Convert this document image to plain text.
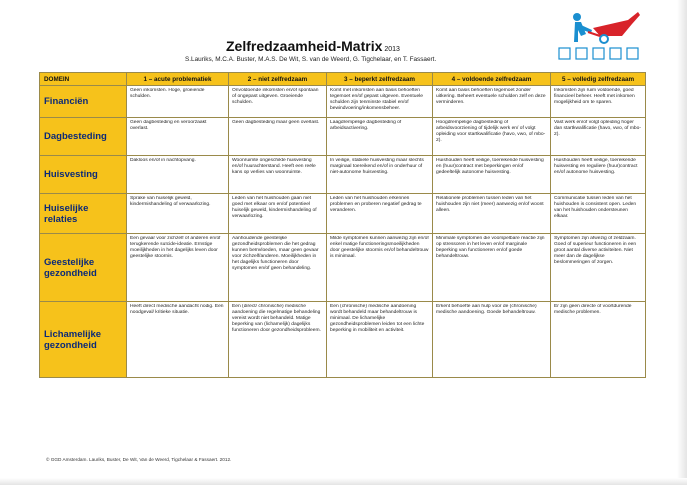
Zelfredzaamheid-Matrix 2013
S.Lauriks, M.C.A. Buster, M.A.S. De Wit, S. van de Weerd, G. Tigchelaar, en T. Fassaert.
DOMEIN	1 – acute problematiek	2 – niet zelfredzaam	3 – beperkt zelfredzaam	4 – voldoende zelfredzaam	5 – volledig zelfredzaam
Financiën	Geen inkomsten. Hoge, groeiende schulden.	Onvoldoende inkomsten en/of spontaan of ongepast uitgeven. Groeiende schulden.	Komt met inkomsten aan basis behoeften tegemoet en/of gepast uitgeven. Eventuele schulden zijn tenminste stabiel en/of bewindvoering/inkomensbeheer.	Komt aan basis behoeften tegemoet zonder uitkering. Beheert eventuele schulden zelf en deze verminderen.	Inkomsten zijn ruim voldoende, goed financieel beheer. Heeft met inkomen mogelijkheid om te sparen.

Dagbesteding	Geen dagbesteding en veroorzaakt overlast.	Geen dagbesteding maar geen overlast.	Laagdrempelige dagbesteding of arbeidsactivering.	Hoogdrempelige dagbesteding of arbeidsvoorziening of tijdelijk werk en/ of volgt opleiding voor startkwalificatie (havo, vwo, of mbo-2).	Vast werk en/of volgt opleiding hoger dan startkwalificatie (havo, vwo, of mbo-2).

Huisvesting	Dakloos en/of in nachtopvang.	Woonruimte ongeschikte huisvesting en/of huurachterstand. Heeft een reële kans op verlies van woonruimte.	In veilige, stabiele huisvesting maar slechts marginaal toereikend en/of in onderhuur of niet-autonome huisvesting.	Huishouden heeft veilige, toereikende huisvesting en (huur)contract met beperkingen en/of gedeeltelijk autonome huisvesting.	Huishouden heeft veilige, toereikende huisvesting en reguliere (huur)contract en/of autonome huisvesting.

Huiselijke relaties	Sprake van huiselijk geweld, kindermishandeling of verwaarlozing.	Leden van het huishouden gaan niet goed met elkaar om en/of potentieel huiselijk geweld, kindermishandeling of verwaarlozing.	Leden van het huishouden erkennen problemen en proberen negatief gedrag te veranderen.	Relationele problemen tussen leden van het huishouden zijn niet (meer) aanwezig en/of woont alleen.	Communicatie tussen leden van het huishouden is consistent open. Leden van het huishouden ondersteunen elkaar.

Geestelijke gezondheid	Een gevaar voor zichzelf of anderen en/of terugkerende suïcide-ideatie. Ernstige moeilijkheden in het dagelijks leven door geestelijke stoornis.	Aanhoudende geestelijke gezondheidsproblemen die het gedrag kunnen beïnvloeden, maar geen gevaar voor zichzelf/anderen. Moeilijkheden in het dagelijks functioneren door symptomen en/of geen behandeling.	Milde symptomen kunnen aanwezig zijn en/of enkel matige functioneringsmoeilijkheden door geestelijke stoornis en/of behandeltrouw is minimaal.	Minimale symptomen die voorspelbare reactie zijn op stressoren in het leven en/of marginale beperking van functioneren en/of goede behandeltrouw.	Symptomen zijn afwezig of zeldzaam. Goed of superieur functioneren in een groot aantal diverse activiteiten. Niet meer dan de dagelijkse beslommeringen of zorgen.

Lichamelijke gezondheid	Heeft direct medische aandacht nodig. Een noodgeval/ kritieke situatie.	Een (direct/ chronische) medische aandoening die regelmatige behandeling vereist wordt niet behandeld. Matige beperking van (lichamelijk) dagelijks functioneren door gezondheidsprobleem.	Een (chronische) medische aandoening wordt behandeld maar behandeltrouw is minimaal. De lichamelijke gezondheidsproblemen leiden tot een lichte beperking in mobiliteit en activiteit.	Erkent behoefte aan hulp voor de (chronische) medische aandoening. Goede behandeltrouw.	Er zijn geen directe of voortdurende medische problemen.
© GGD Amsterdam. Lauriks, Buster, De Wit, Van de Weerd, Tigchelaar & Fassaert. 2012.
